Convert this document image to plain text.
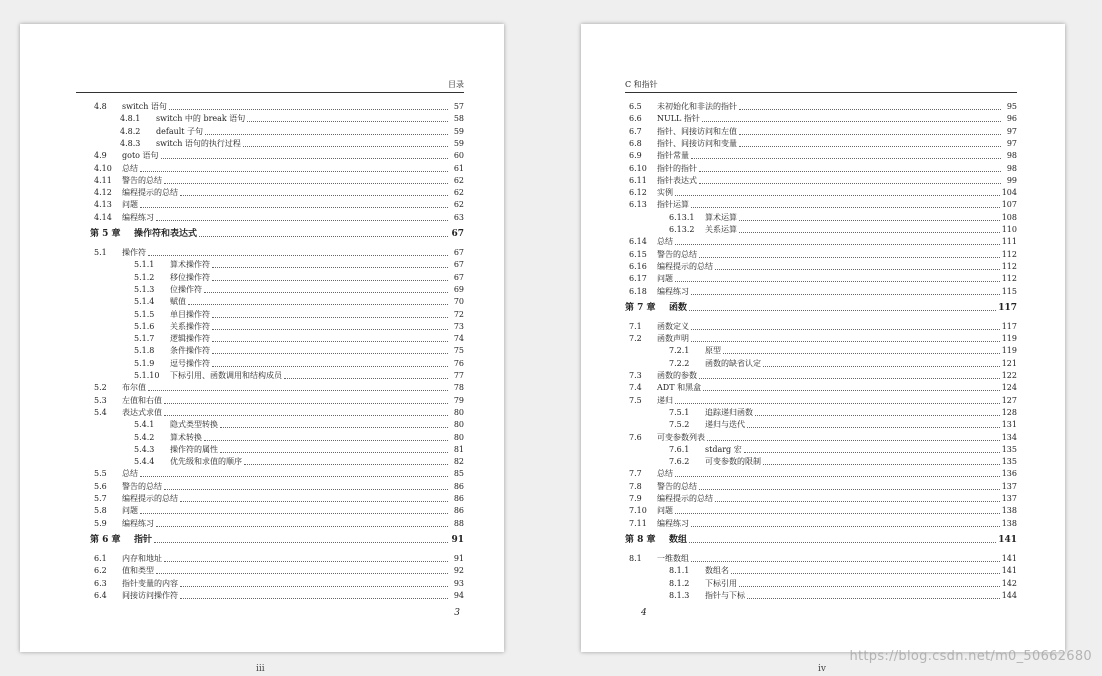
目录
4.8	switch 语句	57
4.8.1	switch 中的 break 语句	58
4.8.2	default 子句	59
4.8.3	switch 语句的执行过程	59
4.9	goto 语句	60
4.10	总结	61
4.11	警告的总结	62
4.12	编程提示的总结	62
4.13	问题	62
4.14	编程练习	63
第 5 章	操作符和表达式	67
5.1	操作符	67
5.1.1	算术操作符	67
5.1.2	移位操作符	67
5.1.3	位操作符	69
5.1.4	赋值	70
5.1.5	单目操作符	72
5.1.6	关系操作符	73
5.1.7	逻辑操作符	74
5.1.8	条件操作符	75
5.1.9	逗号操作符	76
5.1.10	下标引用、函数调用和结构成员	77
5.2	布尔值	78
5.3	左值和右值	79
5.4	表达式求值	80
5.4.1	隐式类型转换	80
5.4.2	算术转换	80
5.4.3	操作符的属性	81
5.4.4	优先级和求值的顺序	82
5.5	总结	85
5.6	警告的总结	86
5.7	编程提示的总结	86
5.8	问题	86
5.9	编程练习	88
第 6 章	指针	91
6.1	内存和地址	91
6.2	值和类型	92
6.3	指针变量的内容	93
6.4	间接访问操作符	94
3
C 和指针
6.5	未初始化和非法的指针	95
6.6	NULL 指针	96
6.7	指针、间接访问和左值	97
6.8	指针、间接访问和变量	97
6.9	指针常量	98
6.10	指针的指针	98
6.11	指针表达式	99
6.12	实例	104
6.13	指针运算	107
6.13.1	算术运算	108
6.13.2	关系运算	110
6.14	总结	111
6.15	警告的总结	112
6.16	编程提示的总结	112
6.17	问题	112
6.18	编程练习	115
第 7 章	函数	117
7.1	函数定义	117
7.2	函数声明	119
7.2.1	原型	119
7.2.2	函数的缺省认定	121
7.3	函数的参数	122
7.4	ADT 和黑盒	124
7.5	递归	127
7.5.1	追踪递归函数	128
7.5.2	递归与迭代	131
7.6	可变参数列表	134
7.6.1	stdarg 宏	135
7.6.2	可变参数的限制	135
7.7	总结	136
7.8	警告的总结	137
7.9	编程提示的总结	137
7.10	问题	138
7.11	编程练习	138
第 8 章	数组	141
8.1	一维数组	141
8.1.1	数组名	141
8.1.2	下标引用	142
8.1.3	指针与下标	144
4
iii	iv
https://blog.csdn.net/m0_50662680
